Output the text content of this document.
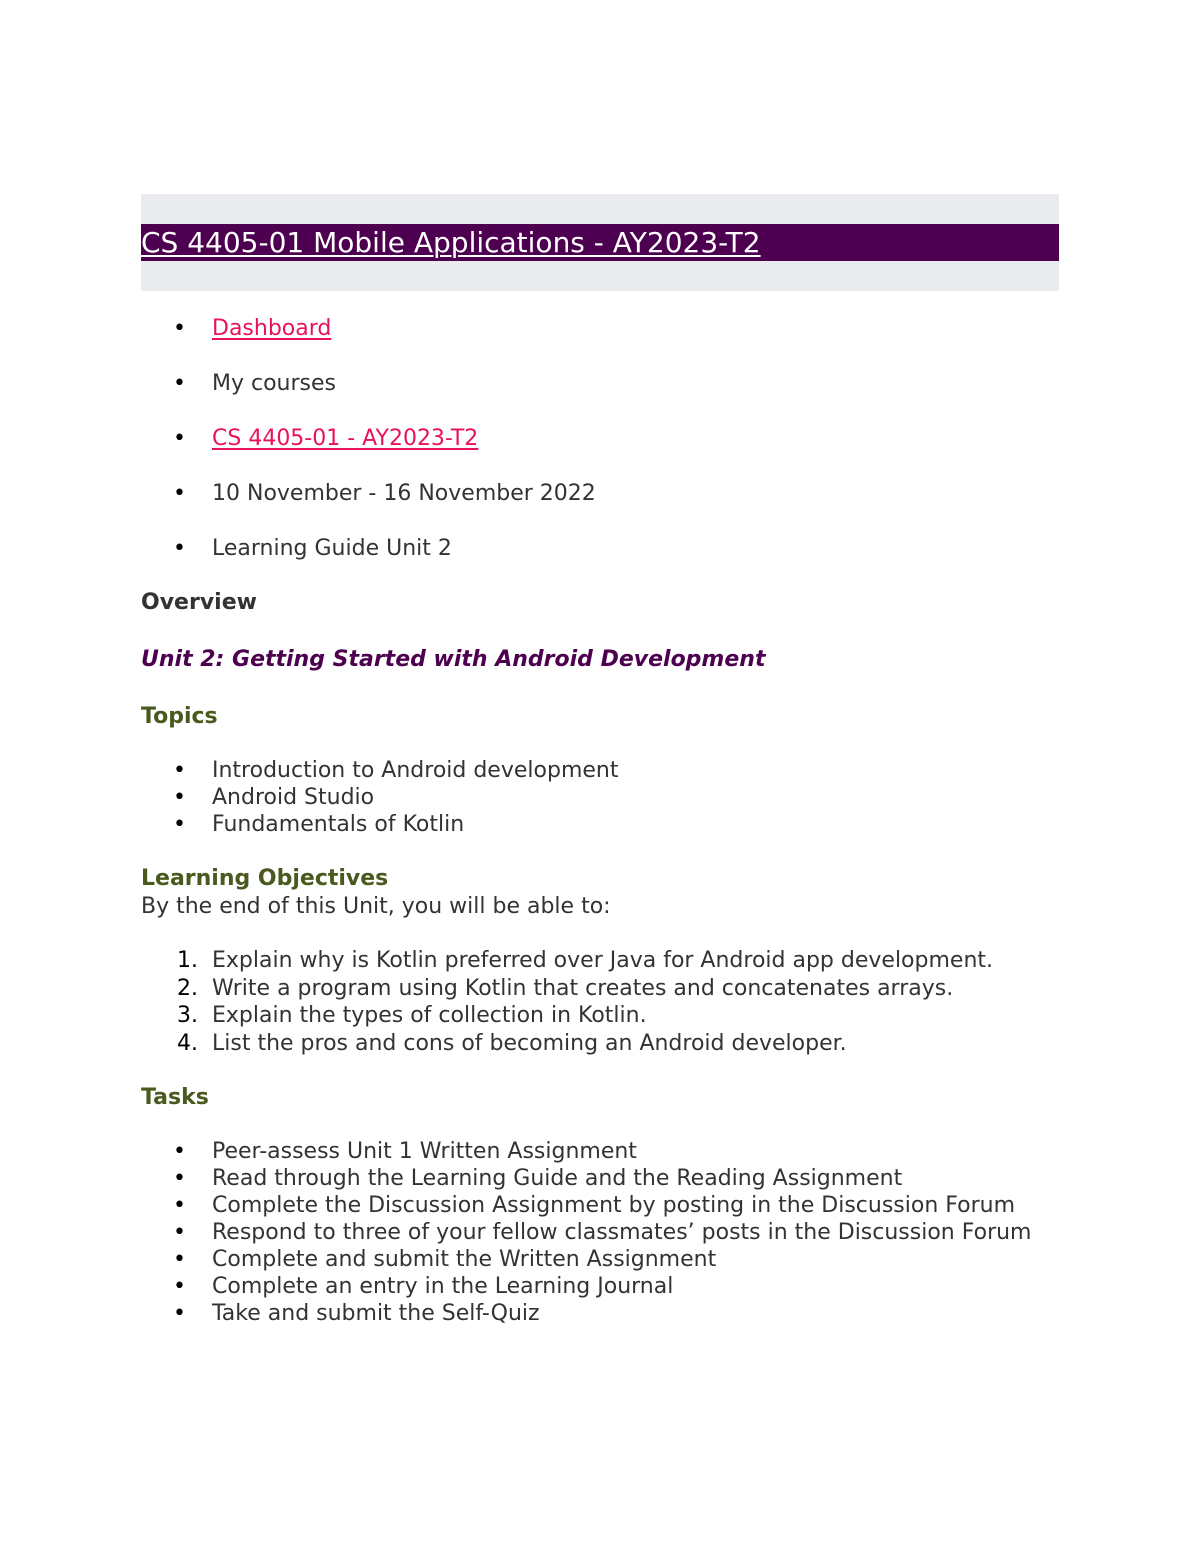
CS 4405-01 Mobile Applications - AY2023-T2
• Dashboard
• My courses
• CS 4405-01 - AY2023-T2
• 10 November - 16 November 2022
• Learning Guide Unit 2
Overview
Unit 2: Getting Started with Android Development
Topics
• Introduction to Android development
• Android Studio
• Fundamentals of Kotlin
Learning Objectives
By the end of this Unit, you will be able to:
1. Explain why is Kotlin preferred over Java for Android app development.
2. Write a program using Kotlin that creates and concatenates arrays.
3. Explain the types of collection in Kotlin.
4. List the pros and cons of becoming an Android developer.
Tasks
• Peer-assess Unit 1 Written Assignment
• Read through the Learning Guide and the Reading Assignment
• Complete the Discussion Assignment by posting in the Discussion Forum
• Respond to three of your fellow classmates’ posts in the Discussion Forum
• Complete and submit the Written Assignment
• Complete an entry in the Learning Journal
• Take and submit the Self-Quiz
